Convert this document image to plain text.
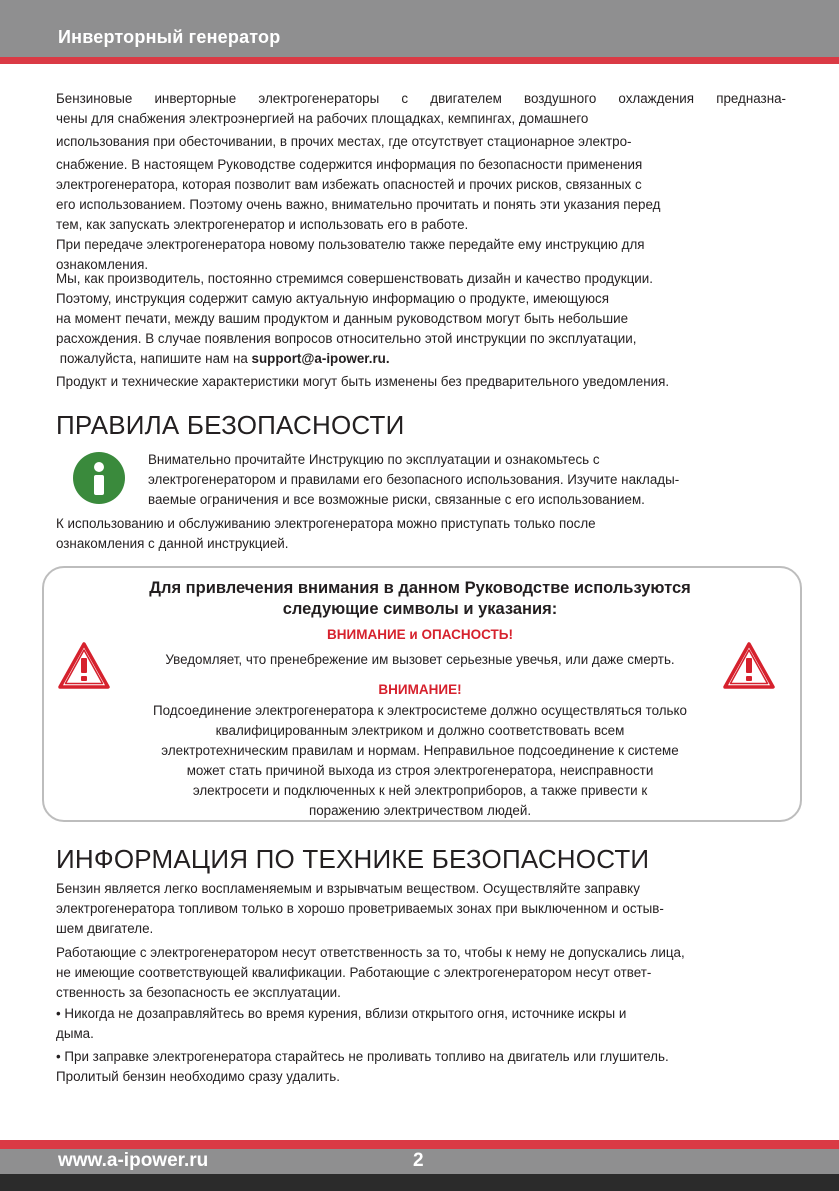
Инверторный генератор
Бензиновые инверторные электрогенераторы с двигателем воздушного охлаждения предназна-
чены для снабжения электроэнергией на рабочих площадках, кемпингах, домашнего
использования при обесточивании, в прочих местах, где отсутствует стационарное электро-
снабжение. В настоящем Руководстве содержится информация по безопасности применения
электрогенератора, которая позволит вам избежать опасностей и прочих рисков, связанных с
его использованием. Поэтому очень важно, внимательно прочитать и понять эти указания перед
тем, как запускать электрогенератор и использовать его в работе.
При передаче электрогенератора новому пользователю также передайте ему инструкцию для
ознакомления.
Мы, как производитель, постоянно стремимся совершенствовать дизайн и качество продукции.
Поэтому, инструкция содержит самую актуальную информацию о продукте, имеющуюся
на момент печати, между вашим продуктом и данным руководством могут быть небольшие
расхождения. В случае появления вопросов относительно этой инструкции по эксплуатации,
пожалуйста, напишите нам на support@a-ipower.ru.
Продукт и технические характеристики могут быть изменены без предварительного уведомления.
ПРАВИЛА БЕЗОПАСНОСТИ
Внимательно прочитайте Инструкцию по эксплуатации и ознакомьтесь с
электрогенератором и правилами его безопасного использования. Изучите наклады-
ваемые ограничения и все возможные риски, связанные с его использованием.
К использованию и обслуживанию электрогенератора можно приступать только после
ознакомления с данной инструкцией.
Для привлечения внимания в данном Руководстве используются
следующие символы и указания:
ВНИМАНИЕ и ОПАСНОСТЬ!
Уведомляет, что пренебрежение им вызовет серьезные увечья, или даже смерть.
ВНИМАНИЕ!
Подсоединение электрогенератора к электросистеме должно осуществляться только
квалифицированным электриком и должно соответствовать всем
электротехническим правилам и нормам. Неправильное подсоединение к системе
может стать причиной выхода из строя электрогенератора, неисправности
электросети и подключенных к ней электроприборов, а также привести к
поражению электричеством людей.
ИНФОРМАЦИЯ ПО ТЕХНИКЕ БЕЗОПАСНОСТИ
Бензин является легко воспламеняемым и взрывчатым веществом. Осуществляйте заправку
электрогенератора топливом только в хорошо проветриваемых зонах при выключенном и остыв-
шем двигателе.
Работающие с электрогенератором несут ответственность за то, чтобы к нему не допускались лица,
не имеющие соответствующей квалификации. Работающие с электрогенератором несут ответ-
ственность за безопасность ее эксплуатации.
• Никогда не дозаправляйтесь во время курения, вблизи открытого огня, источнике искры и
дыма.
• При заправке электрогенератора старайтесь не проливать топливо на двигатель или глушитель.
Пролитый бензин необходимо сразу удалить.
www.a-ipower.ru	2
